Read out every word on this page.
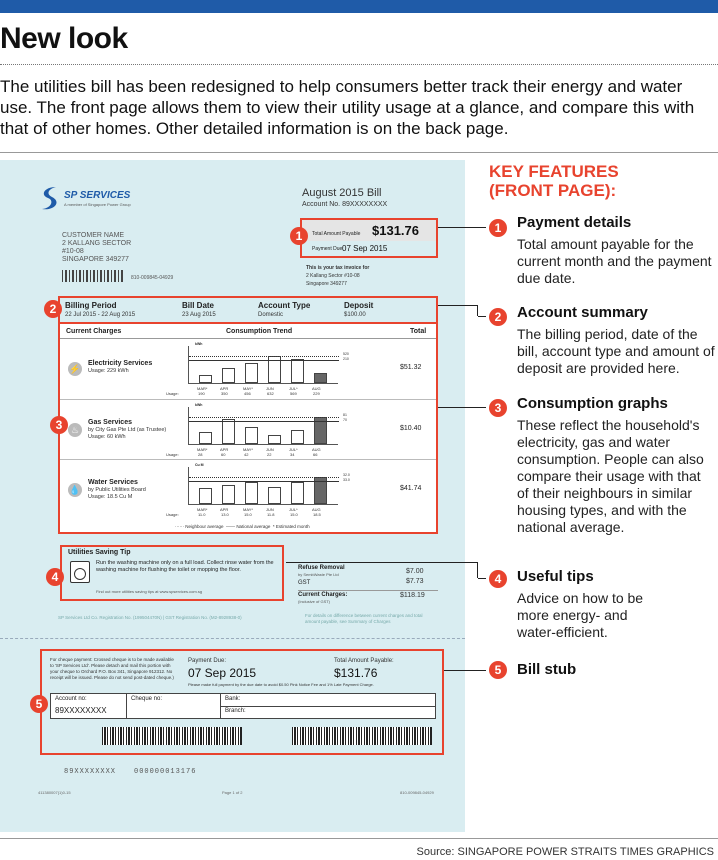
New look
The utilities bill has been redesigned to help consumers better track their energy and water use. The front page allows them to view their utility usage at a glance, and compare this with that of other homes. Other detailed information is on the back page.
SP SERVICES
A member of Singapore Power Group
August 2015 Bill
Account No. 89XXXXXXXX
CUSTOMER NAME
2 KALLANG SECTOR
#10-08
SINGAPORE 349277
810-009845-04929
Total Amount Payable $131.76
Payment Due:
07 Sep 2015
1
This is your tax invoice for
2 Kallang Sector #10-08
Singapore 349277
Billing Period	Bill Date	Account Type	Deposit
22 Jul 2015 - 22 Aug 2015	23 Aug 2015	Domestic	$100.00
2
Current Charges	Consumption Trend	Total
⚡
Electricity Services
Usage: 229 kWh
kWh
MAR*
190
APR
350
MAY*
456
JUN
632
JUL*
569
AUG
229
520
210
Usage:
$51.32
♨
Gas Services
by City Gas Pte Ltd (as Trustee)
Usage: 60 kWh
kWh
MAR*
28
APR
60
MAY*
42
JUN
22
JUL*
34
AUG
66
81
70
Usage:
$10.40
💧
Water Services
by Public Utilities Board
Usage: 18.5 Cu M
Cu M
MAR*
11.0
APR
13.0
MAY*
15.0
JUN
11.8
JUL*
15.0
AUG
18.5
32.0
33.0
Usage:
$41.74
······ Neighbour average  —— National average * Estimated month
3
Utilities Saving Tip
Run the washing machine only on a full load. Collect rinse water from the washing machine for flushing the toilet or mopping the floor.
Find out more utilities saving tips at www.spservices.com.sg
4
Refuse Removal
by SembWaste Pte Ltd	$7.00
GST	$7.73
Current Charges:
(Inclusive of GST)
$118.19
SP Services Ltd Co. Registration No. (199504470N) | GST Registration No. (M2-8928938-0)	For details on difference between current charges and total amount payable, see Summary of Charges
For cheque payment: Crossed cheque is to be made available to 'SP Services Ltd'. Please detach and mail this portion with your cheque to Orchard P.O. Box 341, Singapore 912312. No receipt will be issued. Please do not send post-dated cheque.)
Payment Due:
07 Sep 2015
Total Amount Payable:
$131.76
Please make full payment by the due date to avoid $0.50 Pink Notice Fee and 1% Late Payment Charge.
Account no:
89XXXXXXXX
Cheque no:	Bank:
Branch:
5
89XXXXXXXX	000000013176
411380007(1)0-15	Page 1 of 2	810-009845-04929
KEY FEATURES
(FRONT PAGE):
1	Payment details
Total amount payable for the current month and the payment due date.
2	Account summary
The billing period, date of the bill, account type and amount of deposit are provided here.
3	Consumption graphs
These reflect the household's electricity, gas and water consumption. People can also compare their usage with that of their neighbours in similar housing types, and with the national average.
4	Useful tips
Advice on how to be more energy- and water-efficient.
5	Bill stub
Source: SINGAPORE POWER STRAITS TIMES GRAPHICS
